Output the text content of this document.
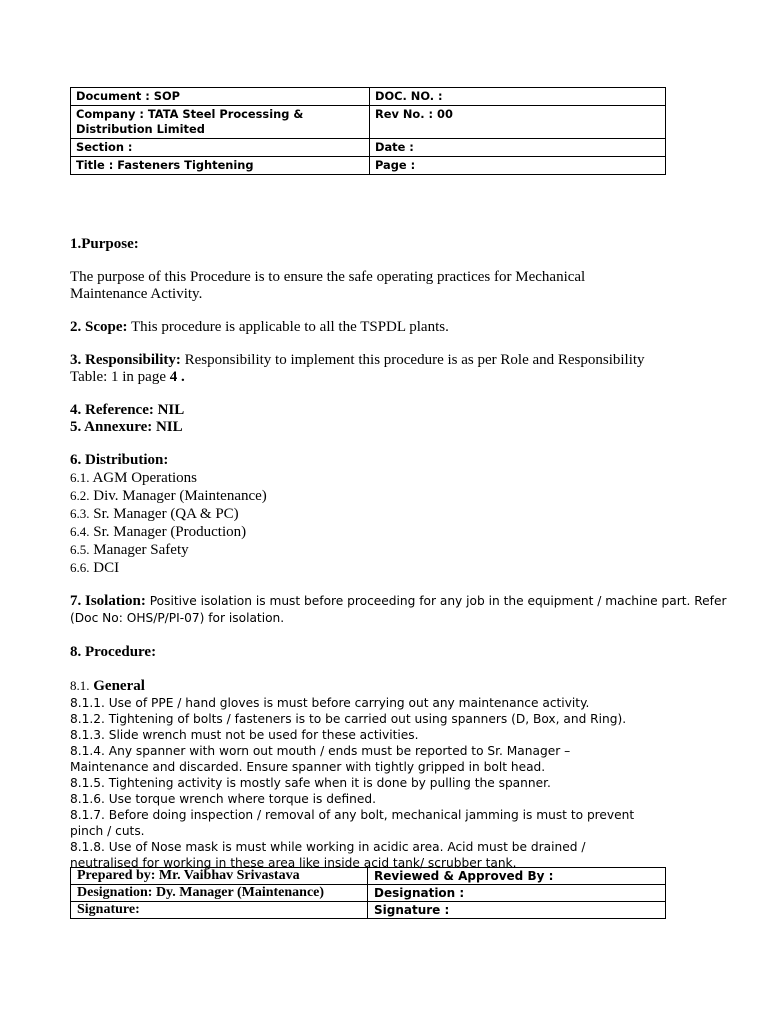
Document : SOP	DOC. NO. :
Company : TATA Steel Processing & Distribution Limited	Rev No. : 00
Section :	Date :
Title : Fasteners Tightening	Page :

1.Purpose:

The purpose of this Procedure is to ensure the safe operating practices for Mechanical Maintenance Activity.

2. Scope: This procedure is applicable to all the TSPDL plants.

3. Responsibility: Responsibility to implement this procedure is as per Role and Responsibility Table: 1 in page 4 .

4. Reference: NIL

5. Annexure: NIL

6. Distribution:

6.1. AGM Operations

6.2. Div. Manager (Maintenance)

6.3. Sr. Manager (QA & PC)

6.4. Sr. Manager (Production)

6.5. Manager Safety

6.6. DCI

7. Isolation: Positive isolation is must before proceeding for any job in the equipment / machine part. Refer

(Doc No: OHS/P/PI-07) for isolation.

8. Procedure:

8.1. General

8.1.1. Use of PPE / hand gloves is must before carrying out any maintenance activity.

8.1.2. Tightening of bolts / fasteners is to be carried out using spanners (D, Box, and Ring).

8.1.3. Slide wrench must not be used for these activities.

8.1.4. Any spanner with worn out mouth / ends must be reported to Sr. Manager –

Maintenance and discarded. Ensure spanner with tightly gripped in bolt head.

8.1.5. Tightening activity is mostly safe when it is done by pulling the spanner.

8.1.6. Use torque wrench where torque is defined.

8.1.7. Before doing inspection / removal of any bolt, mechanical jamming is must to prevent

pinch / cuts.

8.1.8. Use of Nose mask is must while working in acidic area. Acid must be drained /

neutralised for working in these area like inside acid tank/ scrubber tank.

Prepared by: Mr. Vaibhav Srivastava	Reviewed & Approved By :
Designation: Dy. Manager (Maintenance)	Designation :
Signature:	Signature :
